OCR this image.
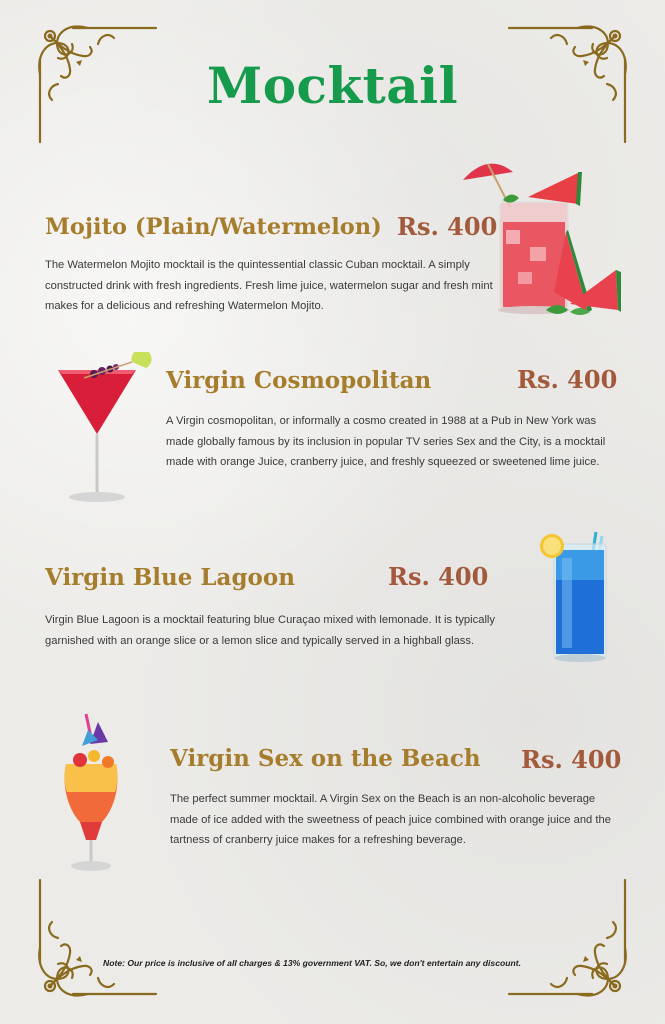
Mocktail
Mojito (Plain/Watermelon) Rs. 400
The Watermelon Mojito mocktail is the quintessential classic Cuban mocktail. A simply constructed drink with fresh ingredients. Fresh lime juice, watermelon sugar and fresh mint makes for a delicious and refreshing Watermelon Mojito.
Virgin Cosmopolitan	Rs. 400
A Virgin cosmopolitan, or informally a cosmo created in 1988 at a Pub in New York was made globally famous by its inclusion in popular TV series Sex and the City, is a mocktail made with orange Juice, cranberry juice, and freshly squeezed or sweetened lime juice.
Virgin Blue Lagoon	Rs. 400
Virgin Blue Lagoon is a mocktail featuring blue Curaçao mixed with lemonade. It is typically garnished with an orange slice or a lemon slice and typically served in a highball glass.
Virgin Sex on the Beach Rs. 400
The perfect summer mocktail. A Virgin Sex on the Beach is an non-alcoholic beverage made of ice added with the sweetness of peach juice combined with orange juice and the tartness of cranberry juice makes for a refreshing beverage.
Note: Our price is inclusive of all charges & 13% government VAT. So, we don't entertain any discount.
